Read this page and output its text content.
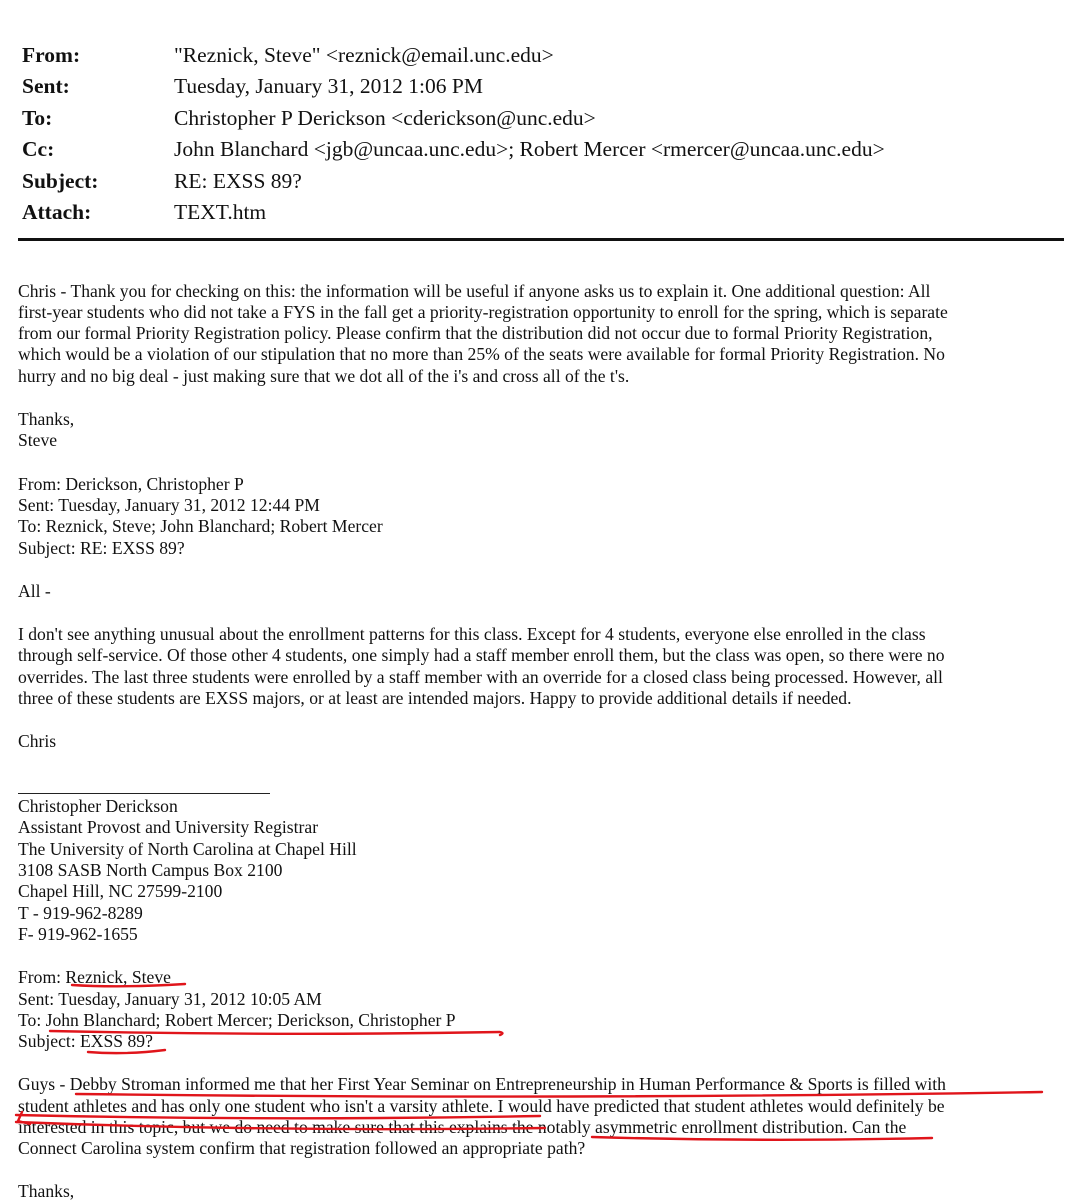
From:	"Reznick, Steve" <reznick@email.unc.edu>
Sent:	Tuesday, January 31, 2012 1:06 PM
To:	Christopher P Derickson <cderickson@unc.edu>
Cc:	John Blanchard <jgb@uncaa.unc.edu>; Robert Mercer <rmercer@uncaa.unc.edu>
Subject:	RE: EXSS 89?
Attach:	TEXT.htm
Chris - Thank you for checking on this: the information will be useful if anyone asks us to explain it. One additional question: All
first-year students who did not take a FYS in the fall get a priority-registration opportunity to enroll for the spring, which is separate
from our formal Priority Registration policy. Please confirm that the distribution did not occur due to formal Priority Registration,
which would be a violation of our stipulation that no more than 25% of the seats were available for formal Priority Registration. No
hurry and no big deal - just making sure that we dot all of the i's and cross all of the t's.
Thanks,
Steve
From: Derickson, Christopher P
Sent: Tuesday, January 31, 2012 12:44 PM
To: Reznick, Steve; John Blanchard; Robert Mercer
Subject: RE: EXSS 89?
All -
I don't see anything unusual about the enrollment patterns for this class. Except for 4 students, everyone else enrolled in the class
through self-service. Of those other 4 students, one simply had a staff member enroll them, but the class was open, so there were no
overrides. The last three students were enrolled by a staff member with an override for a closed class being processed. However, all
three of these students are EXSS majors, or at least are intended majors. Happy to provide additional details if needed.
Chris
Christopher Derickson
Assistant Provost and University Registrar
The University of North Carolina at Chapel Hill
3108 SASB North Campus Box 2100
Chapel Hill, NC 27599-2100
T - 919-962-8289
F- 919-962-1655
From: Reznick, Steve
Sent: Tuesday, January 31, 2012 10:05 AM
To: John Blanchard; Robert Mercer; Derickson, Christopher P
Subject: EXSS 89?
Guys - Debby Stroman informed me that her First Year Seminar on Entrepreneurship in Human Performance & Sports is filled with
student athletes and has only one student who isn't a varsity athlete. I would have predicted that student athletes would definitely be
interested in this topic, but we do need to make sure that this explains the notably asymmetric enrollment distribution. Can the
Connect Carolina system confirm that registration followed an appropriate path?
Thanks,
